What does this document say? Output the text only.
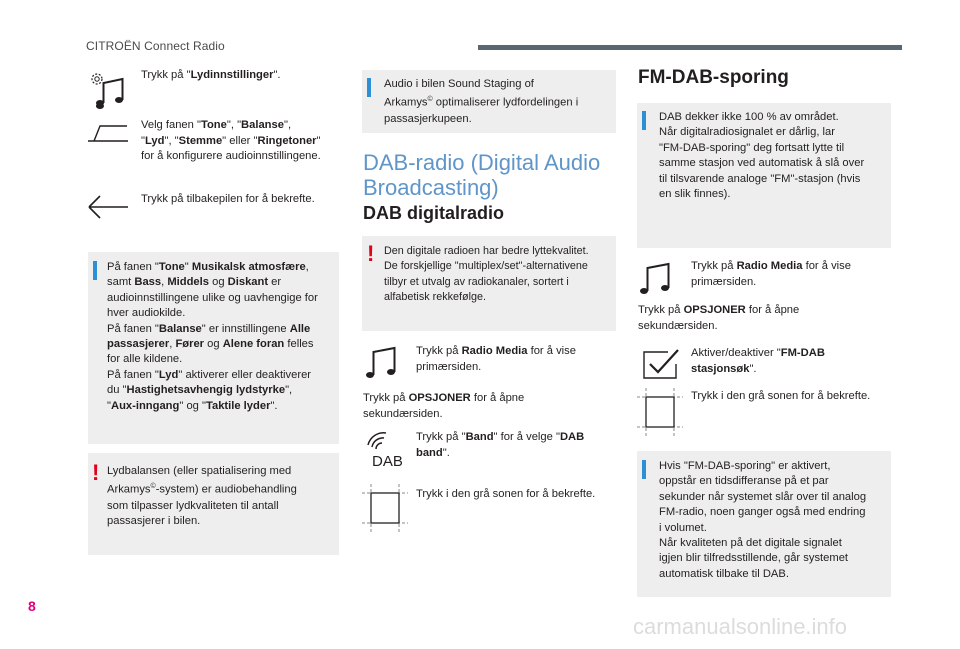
CITROËN Connect Radio
Trykk på "Lydinnstillinger".
Velg fanen "Tone", "Balanse",
"Lyd", "Stemme" eller "Ringetoner"
for å konfigurere audioinnstillingene.
Trykk på tilbakepilen for å bekrefte.
På fanen "Tone" Musikalsk atmosfære,
samt Bass, Middels og Diskant er
audioinnstillingene ulike og uavhengige for
hver audiokilde.
På fanen "Balanse" er innstillingene Alle
passasjerer, Fører og Alene foran felles
for alle kildene.
På fanen "Lyd" aktiverer eller deaktiverer
du "Hastighetsavhengig lydstyrke",
"Aux-inngang" og "Taktile lyder".
! Lydbalansen (eller spatialisering med
Arkamys©-system) er audiobehandling
som tilpasser lydkvaliteten til antall
passasjerer i bilen.
Audio i bilen Sound Staging of
Arkamys© optimaliserer lydfordelingen i
passasjerkupeen.
DAB-radio (Digital Audio
Broadcasting)
DAB digitalradio
! Den digitale radioen har bedre lyttekvalitet.
De forskjellige "multiplex/set"-alternativene
tilbyr et utvalg av radiokanaler, sortert i
alfabetisk rekkefølge.
Trykk på Radio Media for å vise
primærsiden.
Trykk på OPSJONER for å åpne
sekundærsiden.
DAB
Trykk på "Band" for å velge "DAB
band".
Trykk i den grå sonen for å bekrefte.
FM-DAB-sporing
DAB dekker ikke 100 % av området.
Når digitalradiosignalet er dårlig, lar
"FM-DAB-sporing" deg fortsatt lytte til
samme stasjon ved automatisk å slå over
til tilsvarende analoge "FM"-stasjon (hvis
en slik finnes).
Trykk på Radio Media for å vise
primærsiden.
Trykk på OPSJONER for å åpne
sekundærsiden.
Aktiver/deaktiver "FM-DAB
stasjonsøk".
Trykk i den grå sonen for å bekrefte.
Hvis "FM-DAB-sporing" er aktivert,
oppstår en tidsdifferanse på et par
sekunder når systemet slår over til analog
FM-radio, noen ganger også med endring
i volumet.
Når kvaliteten på det digitale signalet
igjen blir tilfredsstillende, går systemet
automatisk tilbake til DAB.
8
carmanualsonline.info
